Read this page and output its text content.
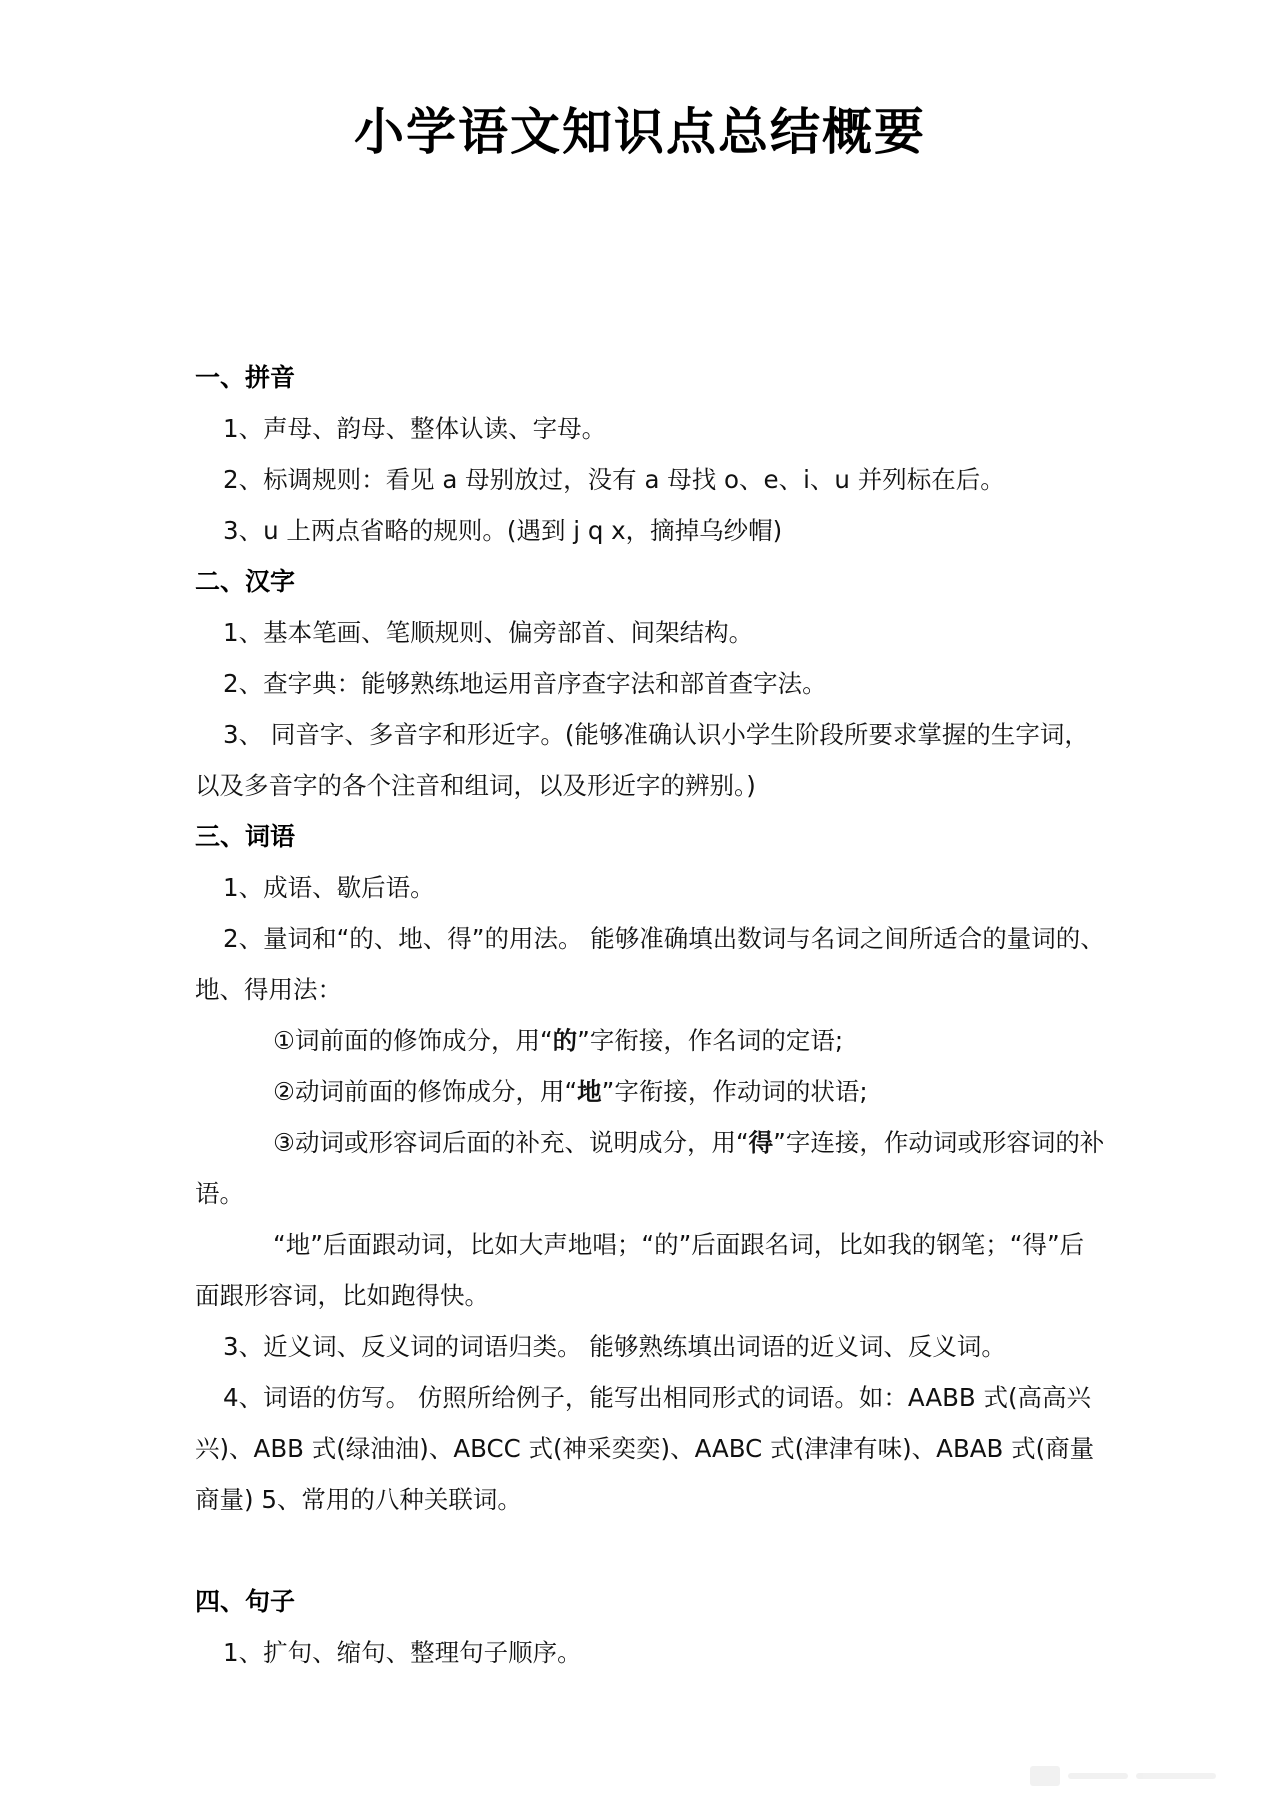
小学语文知识点总结概要
一、拼音
1、声母、韵母、整体认读、字母。
2、标调规则：看见 a 母别放过，没有 a 母找 o、e、i、u 并列标在后。
3、u 上两点省略的规则。(遇到 j q x，摘掉乌纱帽)
二、汉字
1、基本笔画、笔顺规则、偏旁部首、间架结构。
2、查字典：能够熟练地运用音序查字法和部首查字法。
3、 同音字、多音字和形近字。(能够准确认识小学生阶段所要求掌握的生字词，以及多音字的各个注音和组词，以及形近字的辨别。)
三、词语
1、成语、歇后语。
2、量词和“的、地、得”的用法。 能够准确填出数词与名词之间所适合的量词的、地、得用法：
①词前面的修饰成分，用“的”字衔接，作名词的定语;
②动词前面的修饰成分，用“地”字衔接，作动词的状语;
③动词或形容词后面的补充、说明成分，用“得”字连接，作动词或形容词的补语。
“地”后面跟动词，比如大声地唱；“的”后面跟名词，比如我的钢笔；“得”后面跟形容词，比如跑得快。
3、近义词、反义词的词语归类。 能够熟练填出词语的近义词、反义词。
4、词语的仿写。 仿照所给例子，能写出相同形式的词语。如：AABB 式(高高兴兴)、ABB 式(绿油油)、ABCC 式(神采奕奕)、AABC 式(津津有味)、ABAB 式(商量商量) 5、常用的八种关联词。
四、句子
1、扩句、缩句、整理句子顺序。
